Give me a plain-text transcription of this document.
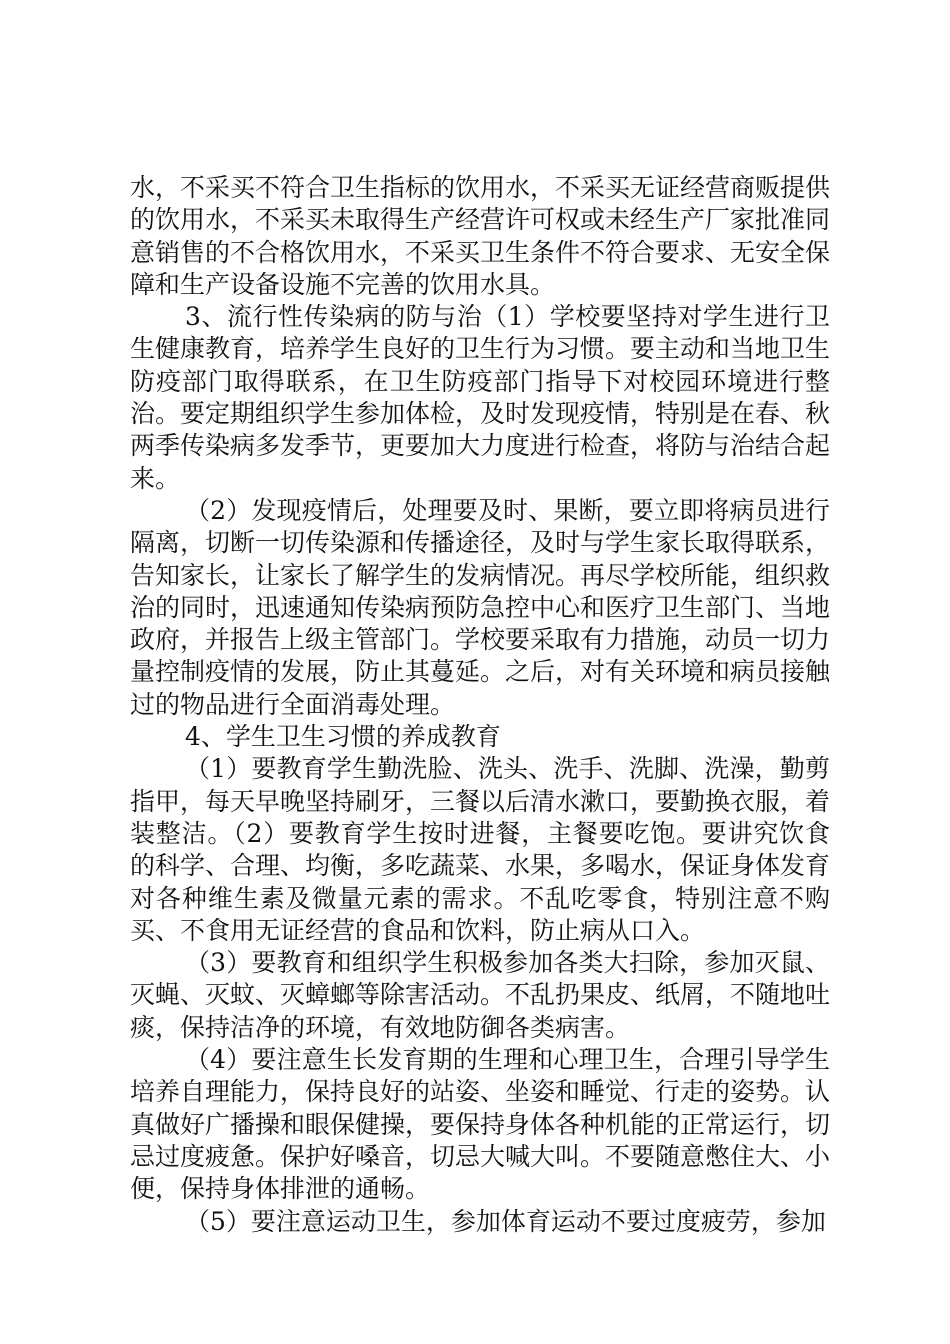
水，不采买不符合卫生指标的饮用水，不采买无证经营商贩提供的饮用水，不采买未取得生产经营许可权或未经生产厂家批准同意销售的不合格饮用水，不采买卫生条件不符合要求、无安全保障和生产设备设施不完善的饮用水具。

3、流行性传染病的防与治（1）学校要坚持对学生进行卫生健康教育，培养学生良好的卫生行为习惯。要主动和当地卫生防疫部门取得联系，在卫生防疫部门指导下对校园环境进行整治。要定期组织学生参加体检，及时发现疫情，特别是在春、秋两季传染病多发季节，更要加大力度进行检查，将防与治结合起来。

（2）发现疫情后，处理要及时、果断，要立即将病员进行隔离，切断一切传染源和传播途径，及时与学生家长取得联系，告知家长，让家长了解学生的发病情况。再尽学校所能，组织救治的同时，迅速通知传染病预防急控中心和医疗卫生部门、当地政府，并报告上级主管部门。学校要采取有力措施，动员一切力量控制疫情的发展，防止其蔓延。之后，对有关环境和病员接触过的物品进行全面消毒处理。

4、学生卫生习惯的养成教育

（1）要教育学生勤洗脸、洗头、洗手、洗脚、洗澡，勤剪指甲，每天早晚坚持刷牙，三餐以后清水漱口，要勤换衣服，着装整洁。（2）要教育学生按时进餐，主餐要吃饱。要讲究饮食的科学、合理、均衡，多吃蔬菜、水果，多喝水，保证身体发育对各种维生素及微量元素的需求。不乱吃零食，特别注意不购买、不食用无证经营的食品和饮料，防止病从口入。

（3）要教育和组织学生积极参加各类大扫除，参加灭鼠、灭蝇、灭蚊、灭蟑螂等除害活动。不乱扔果皮、纸屑，不随地吐痰，保持洁净的环境，有效地防御各类病害。

（4）要注意生长发育期的生理和心理卫生，合理引导学生培养自理能力，保持良好的站姿、坐姿和睡觉、行走的姿势。认真做好广播操和眼保健操，要保持身体各种机能的正常运行，切忌过度疲惫。保护好嗓音，切忌大喊大叫。不要随意憋住大、小便，保持身体排泄的通畅。

（5）要注意运动卫生，参加体育运动不要过度疲劳，参加
